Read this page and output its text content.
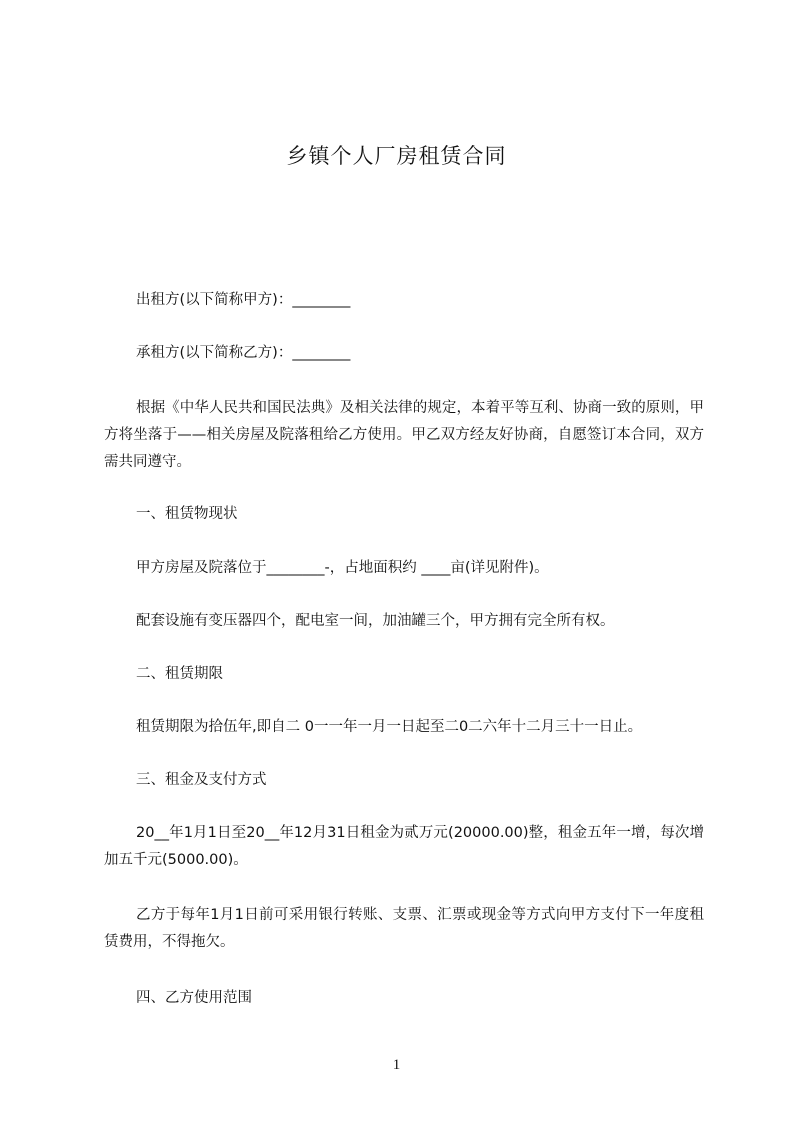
乡镇个人厂房租赁合同
出租方(以下简称甲方)：________
承租方(以下简称乙方)：________
根据《中华人民共和国民法典》及相关法律的规定，本着平等互利、协商一致的原则，甲方将坐落于——相关房屋及院落租给乙方使用。甲乙双方经友好协商，自愿签订本合同，双方需共同遵守。
一、租赁物现状
甲方房屋及院落位于________-，占地面积约 ____亩(详见附件)。
配套设施有变压器四个，配电室一间，加油罐三个，甲方拥有完全所有权。
二、租赁期限
租赁期限为拾伍年,即自二 0一一年一月一日起至二0二六年十二月三十一日止。
三、租金及支付方式
20__年1月1日至20__年12月31日租金为贰万元(20000.00)整，租金五年一增，每次增加五千元(5000.00)。
乙方于每年1月1日前可采用银行转账、支票、汇票或现金等方式向甲方支付下一年度租赁费用，不得拖欠。
四、乙方使用范围
1
